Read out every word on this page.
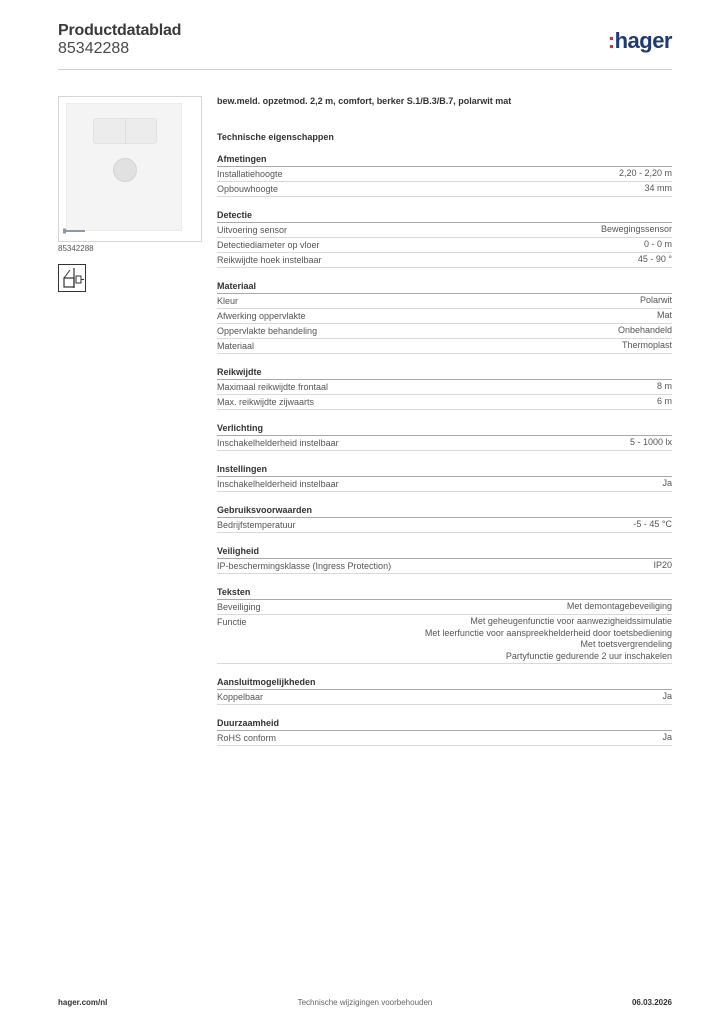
Productdatablad
85342288	:hager
85342288
bew.meld. opzetmod. 2,2 m, comfort, berker S.1/B.3/B.7, polarwit mat
Technische eigenschappen
Afmetingen
Installatiehoogte	2,20 - 2,20 m
Opbouwhoogte	34 mm
Detectie
Uitvoering sensor	Bewegingssensor
Detectiediameter op vloer	0 - 0 m
Reikwijdte hoek instelbaar	45 - 90 °
Materiaal
Kleur	Polarwit
Afwerking oppervlakte	Mat
Oppervlakte behandeling	Onbehandeld
Materiaal	Thermoplast
Reikwijdte
Maximaal reikwijdte frontaal	8 m
Max. reikwijdte zijwaarts	6 m
Verlichting
Inschakelhelderheid instelbaar	5 - 1000 lx
Instellingen
Inschakelhelderheid instelbaar	Ja
Gebruiksvoorwaarden
Bedrijfstemperatuur	-5 - 45 °C
Veiligheid
IP-beschermingsklasse (Ingress Protection)	IP20
Teksten
Beveiliging	Met demontagebeveiliging
Functie	Met geheugenfunctie voor aanwezigheidssimulatie
Met leerfunctie voor aanspreekhelderheid door toetsbediening
Met toetsvergrendeling
Partyfunctie gedurende 2 uur inschakelen
Aansluitmogelijkheden
Koppelbaar	Ja
Duurzaamheid
RoHS conform	Ja
Technische wijzigingen voorbehouden
hager.com/nl	06.03.2026
